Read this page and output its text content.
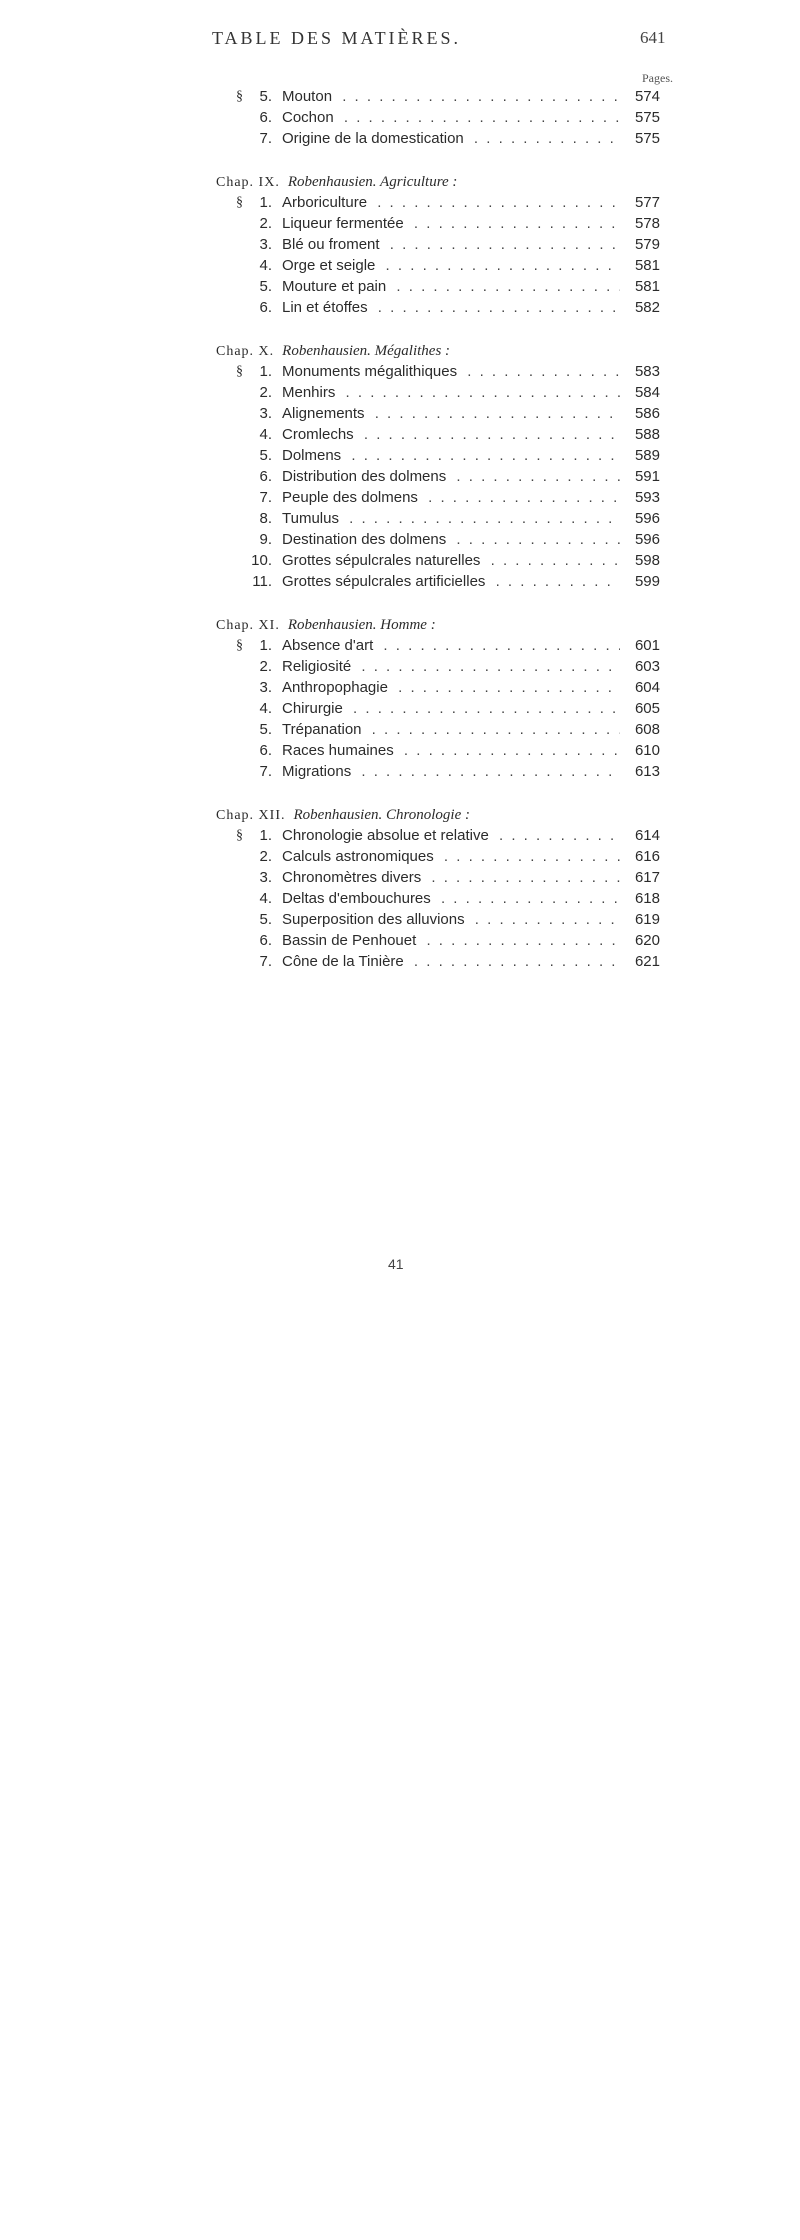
TABLE DES MATIÈRES.	641
Pages.
§	5. Mouton . . .	574
6. Cochon . . .	575
7. Origine de la domestication . . .	575
Chap. IX. Robenhausien. Agriculture :
§	1. Arboriculture . . .	577
2. Liqueur fermentée . . .	578
3. Blé ou froment . . .	579
4. Orge et seigle . . .	581
5. Mouture et pain . . .	581
6. Lin et étoffes . . .	582
Chap. X. Robenhausien. Mégalithes :
§	1. Monuments mégalithiques . . .	583
2. Menhirs . . .	584
3. Alignements . . .	586
4. Cromlechs . . .	588
5. Dolmens . . .	589
6. Distribution des dolmens . . .	591
7. Peuple des dolmens . . .	593
8. Tumulus . . .	596
9. Destination des dolmens . . .	596
10. Grottes sépulcrales naturelles . . .	598
11. Grottes sépulcrales artificielles . . .	599
Chap. XI. Robenhausien. Homme :
§	1. Absence d'art . . .	601
2. Religiosité . . .	603
3. Anthropophagie . . .	604
4. Chirurgie . . .	605
5. Trépanation . . .	608
6. Races humaines . . .	610
7. Migrations . . .	613
Chap. XII. Robenhausien. Chronologie :
§	1. Chronologie absolue et relative . . .	614
2. Calculs astronomiques . . .	616
3. Chronomètres divers . . .	617
4. Deltas d'embouchures . . .	618
5. Superposition des alluvions . . .	619
6. Bassin de Penhouet . . .	620
7. Cône de la Tinière . . .	621
41
